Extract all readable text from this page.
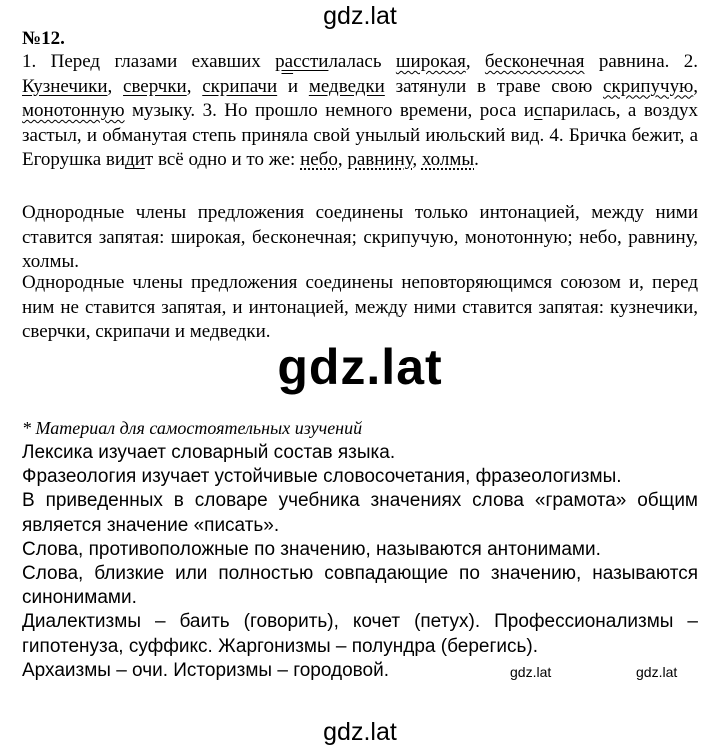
gdz.lat
№12.
1. Перед глазами ехавших расстилалась широкая, бесконечная равнина. 2. Кузнечики, сверчки, скрипачи и медведки затянули в траве свою скрипучую, монотонную музыку. 3. Но прошло немного времени, роса испарилась, а воздух застыл, и обманутая степь приняла свой унылый июльский вид. 4. Бричка бежит, а Егорушка видит всё одно и то же: небо, равнину, холмы.
Однородные члены предложения соединены только интонацией, между ними ставится запятая: широкая, бесконечная; скрипучую, монотонную; небо, равнину, холмы.
Однородные члены предложения соединены неповторяющимся союзом и, перед ним не ставится запятая, и интонацией, между ними ставится запятая: кузнечики, сверчки, скрипачи и медведки.
gdz.lat
* Материал для самостоятельных изучений
Лексика изучает словарный состав языка.
Фразеология изучает устойчивые словосочетания, фразеологизмы.
В приведенных в словаре учебника значениях слова «грамота» общим является значение «писать».
Слова, противоположные по значению, называются антонимами.
Слова, близкие или полностью совпадающие по значению, называются синонимами.
Диалектизмы – баить (говорить), кочет (петух). Профессионализмы – гипотенуза, суффикс. Жаргонизмы – полундра (берегись).
Архаизмы – очи. Историзмы – городовой.	gdz.lat	gdz.lat
gdz.lat
